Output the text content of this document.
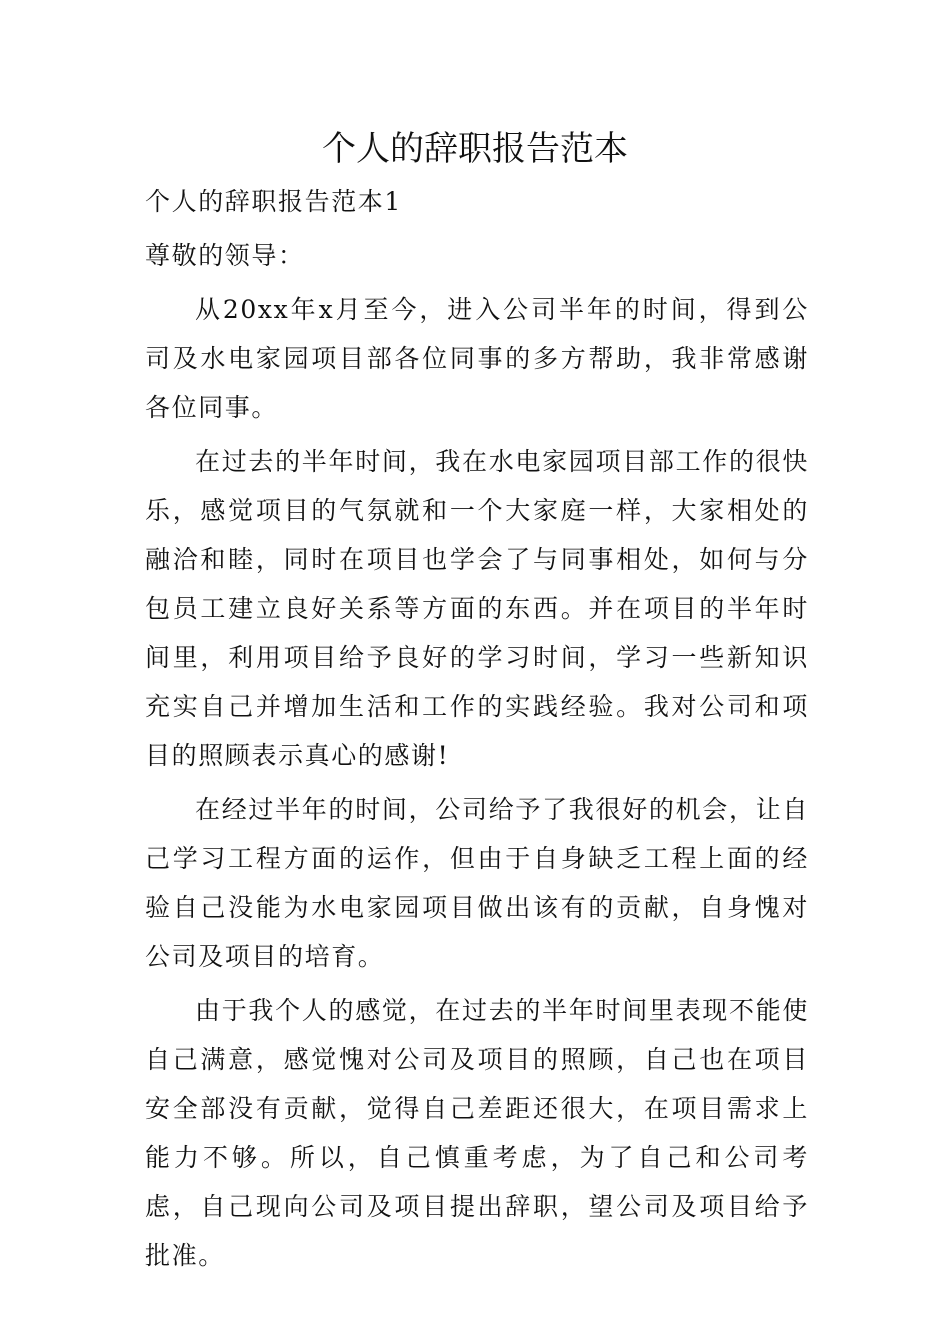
个人的辞职报告范本

个人的辞职报告范本1

尊敬的领导：

从20xx年x月至今，进入公司半年的时间，得到公司及水电家园项目部各位同事的多方帮助，我非常感谢各位同事。

在过去的半年时间，我在水电家园项目部工作的很快乐，感觉项目的气氛就和一个大家庭一样，大家相处的融洽和睦，同时在项目也学会了与同事相处，如何与分包员工建立良好关系等方面的东西。并在项目的半年时间里，利用项目给予良好的学习时间，学习一些新知识充实自己并增加生活和工作的实践经验。我对公司和项目的照顾表示真心的感谢!

在经过半年的时间，公司给予了我很好的机会，让自己学习工程方面的运作，但由于自身缺乏工程上面的经验自己没能为水电家园项目做出该有的贡献，自身愧对公司及项目的培育。

由于我个人的感觉，在过去的半年时间里表现不能使自己满意，感觉愧对公司及项目的照顾，自己也在项目安全部没有贡献，觉得自己差距还很大，在项目需求上能力不够。所以，自己慎重考虑，为了自己和公司考虑，自己现向公司及项目提出辞职，望公司及项目给予批准。
